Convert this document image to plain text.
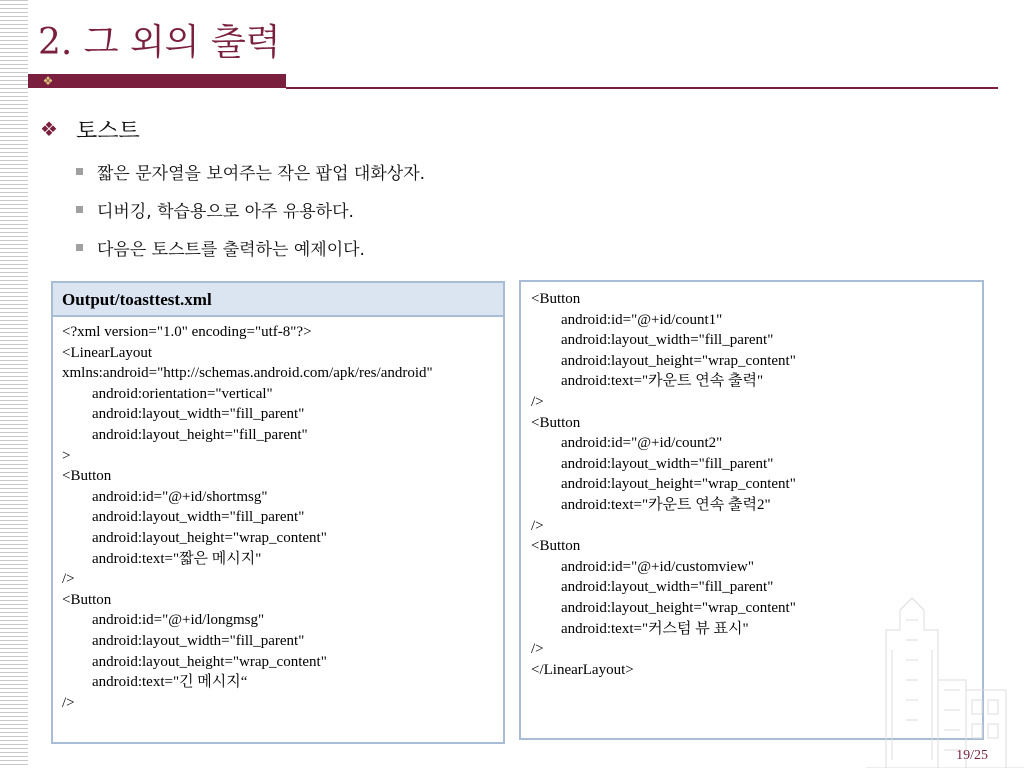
2. 그 외의 출력
❖
❖ 토스트
짧은 문자열을 보여주는 작은 팝업 대화상자.
디버깅, 학습용으로 아주 유용하다.
다음은 토스트를 출력하는 예제이다.
Output/toasttest.xml
<?xml version="1.0" encoding="utf-8"?>
<LinearLayout
xmlns:android="http://schemas.android.com/apk/res/android"
android:orientation="vertical"
android:layout_width="fill_parent"
android:layout_height="fill_parent"
>
<Button
android:id="@+id/shortmsg"
android:layout_width="fill_parent"
android:layout_height="wrap_content"
android:text="짧은 메시지"
/>
<Button
android:id="@+id/longmsg"
android:layout_width="fill_parent"
android:layout_height="wrap_content"
android:text="긴 메시지“
/>
<Button
android:id="@+id/count1"
android:layout_width="fill_parent"
android:layout_height="wrap_content"
android:text="카운트 연속 출력"
/>
<Button
android:id="@+id/count2"
android:layout_width="fill_parent"
android:layout_height="wrap_content"
android:text="카운트 연속 출력2"
/>
<Button
android:id="@+id/customview"
android:layout_width="fill_parent"
android:layout_height="wrap_content"
android:text="커스텀 뷰 표시"
/>
</LinearLayout>
19/25
